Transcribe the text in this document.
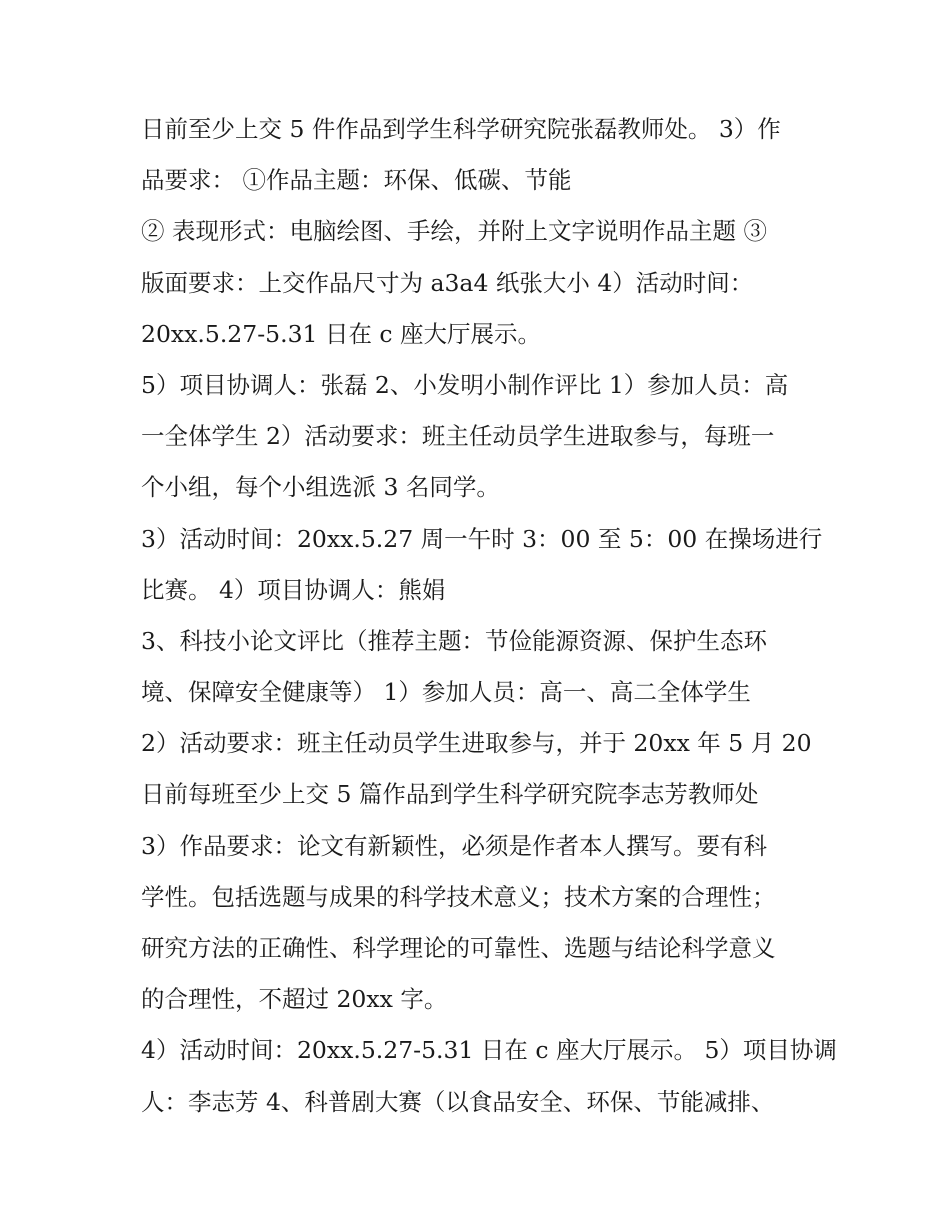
日前至少上交 5 件作品到学生科学研究院张磊教师处。 3）作
品要求： ①作品主题：环保、低碳、节能
② 表现形式：电脑绘图、手绘，并附上文字说明作品主题 ③
版面要求：上交作品尺寸为 a3a4 纸张大小 4）活动时间：
20xx.5.27-5.31 日在 c 座大厅展示。
5）项目协调人：张磊 2、小发明小制作评比 1）参加人员：高
一全体学生 2）活动要求：班主任动员学生进取参与，每班一
个小组，每个小组选派 3 名同学。
3）活动时间：20xx.5.27 周一午时 3：00 至 5：00 在操场进行
比赛。 4）项目协调人：熊娟
3、科技小论文评比（推荐主题：节俭能源资源、保护生态环
境、保障安全健康等） 1）参加人员：高一、高二全体学生
2）活动要求：班主任动员学生进取参与，并于 20xx 年 5 月 20
日前每班至少上交 5 篇作品到学生科学研究院李志芳教师处
3）作品要求：论文有新颖性，必须是作者本人撰写。要有科
学性。包括选题与成果的科学技术意义；技术方案的合理性；
研究方法的正确性、科学理论的可靠性、选题与结论科学意义
的合理性，不超过 20xx 字。
4）活动时间：20xx.5.27-5.31 日在 c 座大厅展示。 5）项目协调
人：李志芳 4、科普剧大赛（以食品安全、环保、节能减排、
